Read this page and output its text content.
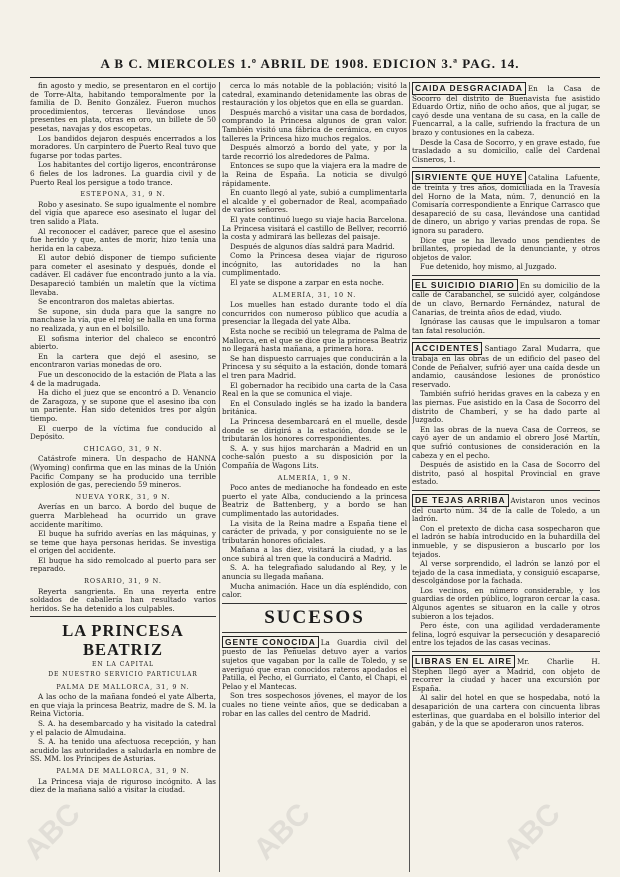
A B C. MIERCOLES 1.º ABRIL DE 1908. EDICION 3.ª PAG. 14.

fin agosto y medio, se presentaron en el cortijo de Torre-Alta, habitando temporalmente por la familia de D. Benito González. Fueron muchos procedimientos, terceras llevándose unos presentes en plata, otras en oro, un billete de 50 pesetas, navajas y dos escopetas.

Los bandidos dejaron después encerrados a los moradores. Un carpintero de Puerto Real tuvo que fugarse por todas partes.

Los habitantes del cortijo ligeros, encontráronse 6 fieles de los ladrones. La guardia civil y de Puerto Real los persigue a todo trance.

ESTEPONA, 31, 9 N.

Robo y asesinato. Se supo igualmente el nombre del vigía que aparece eso asesinato el lugar del tren salido a Plata.

Al reconocer el cadáver, parece que el asesino fue herido y que, antes de morir, hizo tenía una herida en la cabeza.

El autor debió disponer de tiempo suficiente para cometer el asesinato y después, donde el cadáver. El cadáver fue encontrado junto a la vía. Desapareció también un maletín que la víctima llevaba.

Se encontraron dos maletas abiertas.

Se supone, sin duda para que la sangre no manchase la vía, que el reloj se halla en una forma no realizada, y aun en el bolsillo.

El sofisma interior del chaleco se encontró abierto.

En la cartera que dejó el asesino, se encontraron varias monedas de oro.

Fue un desconocido de la estación de Plata a las 4 de la madrugada.

Ha dicho el juez que se encontró a D. Venancio de Zaragoza, y se supone que el asesino iba con un pariente. Han sido detenidos tres por algún tiempo.

El cuerpo de la víctima fue conducido al Depósito.

CHICAGO, 31, 9 N.

Catástrofe minera. Un despacho de HANNA (Wyoming) confirma que en las minas de la Unión Pacific Company se ha producido una terrible explosión de gas, pereciendo 59 mineros.

NUEVA YORK, 31, 9 N.

Averías en un barco. A bordo del buque de guerra Marblehead ha ocurrido un grave accidente marítimo.

El buque ha sufrido averías en las máquinas, y se teme que haya personas heridas. Se investiga el origen del accidente.

El buque ha sido remolcado al puerto para ser reparado.

ROSARIO, 31, 9 N.

Reyerta sangrienta. En una reyerta entre soldados de caballería han resultado varios heridos. Se ha detenido a los culpables.

LA PRINCESA BEATRIZ
EN LA CAPITAL
DE NUESTRO SERVICIO PARTICULAR

PALMA DE MALLORCA, 31, 9 N.

A las ocho de la mañana fondeó el yate Alberta, en que viaja la princesa Beatriz, madre de S. M. la Reina Victoria.

S. A. ha desembarcado y ha visitado la catedral y el palacio de Almudaina.

S. A. ha tenido una afectuosa recepción, y han acudido las autoridades a saludarla en nombre de SS. MM. los Príncipes de Asturias.

PALMA DE MALLORCA, 31, 9 N.

La Princesa viaja de riguroso incógnito. A las diez de la mañana salió a visitar la ciudad.

cerca lo más notable de la población; visitó la catedral, examinando detenidamente las obras de restauración y los objetos que en ella se guardan.

Después marchó a visitar una casa de bordados, comprando la Princesa algunos de gran valor. También visitó una fábrica de cerámica, en cuyos talleres la Princesa hizo muchos regalos.

Después almorzó a bordo del yate, y por la tarde recorrió los alrededores de Palma.

Entonces se supo que la viajera era la madre de la Reina de España. La noticia se divulgó rápidamente.

En cuanto llegó al yate, subió a cumplimentarla el alcalde y el gobernador de Real, acompañado de varios señores.

El yate continuó luego su viaje hacia Barcelona. La Princesa visitará el castillo de Bellver, recorrió la costa y admirará las bellezas del paisaje.

Después de algunos días saldrá para Madrid.

Como la Princesa desea viajar de riguroso incógnito, las autoridades no la han cumplimentado.

El yate se dispone a zarpar en esta noche.

ALMERÍA, 31, 10 N.

Los muelles han estado durante todo el día concurridos con numeroso público que acudía a presenciar la llegada del yate Alba.

Esta noche se recibió un telegrama de Palma de Mallorca, en el que se dice que la princesa Beatriz no llegará hasta mañana, a primera hora.

Se han dispuesto carruajes que conducirán a la Princesa y su séquito a la estación, donde tomará el tren para Madrid.

El gobernador ha recibido una carta de la Casa Real en la que se comunica el viaje.

En el Consulado inglés se ha izado la bandera británica.

La Princesa desembarcará en el muelle, desde donde se dirigirá a la estación, donde se le tributarán los honores correspondientes.

S. A. y sus hijos marcharán a Madrid en un coche-salón puesto a su disposición por la Compañía de Wagons Lits.

ALMERÍA, 1, 9 N.

Poco antes de medianoche ha fondeado en este puerto el yate Alba, conduciendo a la princesa Beatriz de Battenberg, y a bordo se han cumplimentado las autoridades.

La visita de la Reina madre a España tiene el carácter de privada, y por consiguiente no se le tributarán honores oficiales.

Mañana a las diez, visitará la ciudad, y a las once subirá al tren que la conducirá a Madrid.

S. A. ha telegrafiado saludando al Rey, y le anuncia su llegada mañana.

Mucha animación. Hace un día espléndido, con calor.

SUCESOS

GENTE CONOCIDA La Guardia civil del puesto de las Peñuelas detuvo ayer a varios sujetos que vagaban por la calle de Toledo, y se averiguó que eran conocidos rateros apodados el Patilla, el Pecho, el Gurriato, el Canto, el Chapi, el Pelao y el Mantecas.

Son tres sospechosos jóvenes, el mayor de los cuales no tiene veinte años, que se dedicaban a robar en las calles del centro de Madrid.

CAIDA DESGRACIADA En la Casa de Socorro del distrito de Buenavista fue asistido Eduardo Ortiz, niño de ocho años, que al jugar, se cayó desde una ventana de su casa, en la calle de Fuencarral, a la calle, sufriendo la fractura de un brazo y contusiones en la cabeza.

Desde la Casa de Socorro, y en grave estado, fue trasladado a su domicilio, calle del Cardenal Cisneros, 1.

SIRVIENTE QUE HUYE Catalina Lafuente, de treinta y tres años, domiciliada en la Travesía del Horno de la Mata, núm. 7, denunció en la Comisaría correspondiente a Enrique Carrasco que desapareció de su casa, llevándose una cantidad de dinero, un abrigo y varias prendas de ropa. Se ignora su paradero.

Dice que se ha llevado unos pendientes de brillantes, propiedad de la denunciante, y otros objetos de valor.

Fue detenido, hoy mismo, al Juzgado.

EL SUICIDIO DIARIO En su domicilio de la calle de Carabanchel, se suicidó ayer, colgándose de un clavo, Bernardo Fernández, natural de Canarias, de treinta años de edad, viudo.

Ignórase las causas que le impulsaron a tomar tan fatal resolución.

ACCIDENTES Santiago Zaral Mudarra, que trabaja en las obras de un edificio del paseo del Conde de Peñalver, sufrió ayer una caída desde un andamio, causándose lesiones de pronóstico reservado.

También sufrió heridas graves en la cabeza y en las piernas. Fue asistido en la Casa de Socorro del distrito de Chamberí, y se ha dado parte al Juzgado.

En las obras de la nueva Casa de Correos, se cayó ayer de un andamio el obrero José Martín, que sufrió contusiones de consideración en la cabeza y en el pecho.

Después de asistido en la Casa de Socorro del distrito, pasó al hospital Provincial en grave estado.

DE TEJAS ARRIBA Avistaron unos vecinos del cuarto núm. 34 de la calle de Toledo, a un ladrón.

Con el pretexto de dicha casa sospecharon que el ladrón se había introducido en la buhardilla del inmueble, y se dispusieron a buscarlo por los tejados.

Al verse sorprendido, el ladrón se lanzó por el tejado de la casa inmediata, y consiguió escaparse, descolgándose por la fachada.

Los vecinos, en número considerable, y los guardias de orden público, lograron cercar la casa. Algunos agentes se situaron en la calle y otros subieron a los tejados.

Pero éste, con una agilidad verdaderamente felina, logró esquivar la persecución y desapareció entre los tejados de las casas vecinas.

LIBRAS EN EL AIRE Mr. Charlie H. Stephen llegó ayer a Madrid, con objeto de recorrer la ciudad y hacer una excursión por España.

Al salir del hotel en que se hospedaba, notó la desaparición de una cartera con cincuenta libras esterlinas, que guardaba en el bolsillo interior del gabán, y de la que se apoderaron unos rateros.

ABC	ABC	ABC
